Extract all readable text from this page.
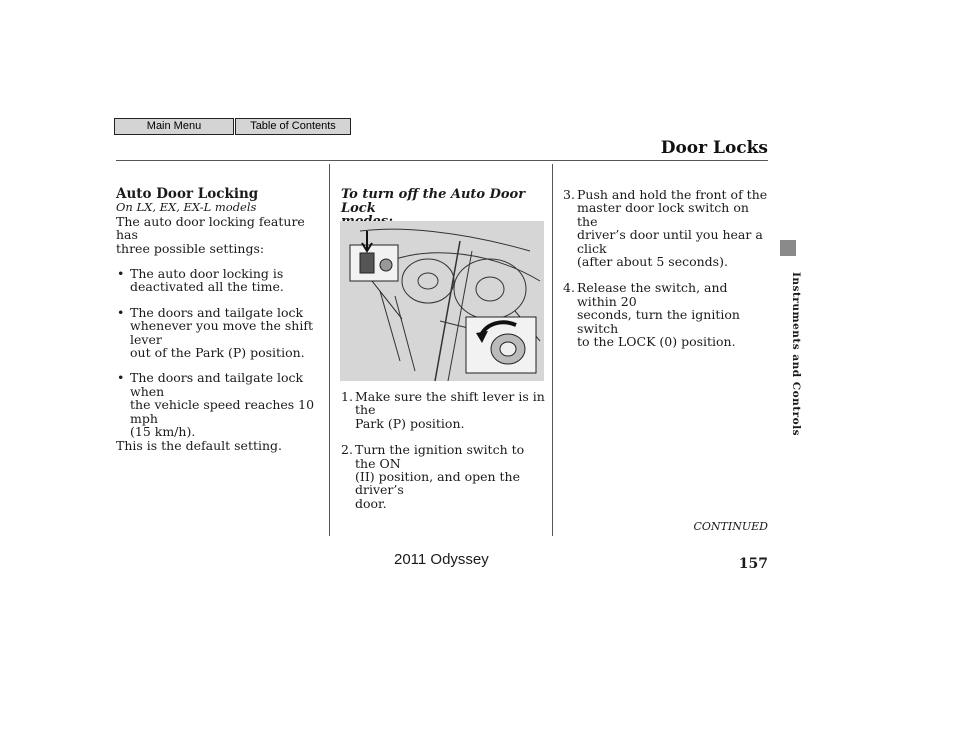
Main Menu	Table of Contents
Door Locks
Instruments and Controls

Auto Door Locking

On LX, EX, EX-L models

The auto door locking feature has

three possible settings:

• The auto door locking is

deactivated all the time.

• The doors and tailgate lock

whenever you move the shift lever

out of the Park (P) position.

• The doors and tailgate lock when

the vehicle speed reaches 10 mph

(15 km/h).

This is the default setting.

To turn off the Auto Door Lock

1. Make sure the shift lever is in the

Park (P) position.

2. Turn the ignition switch to the ON

(II) position, and open the driver’s

door.

3. Push and hold the front of the

master door lock switch on the

driver’s door until you hear a click

(after about 5 seconds).

4. Release the switch, and within 20

seconds, turn the ignition switch

to the LOCK (0) position.

CONTINUED
157
2011 Odyssey
